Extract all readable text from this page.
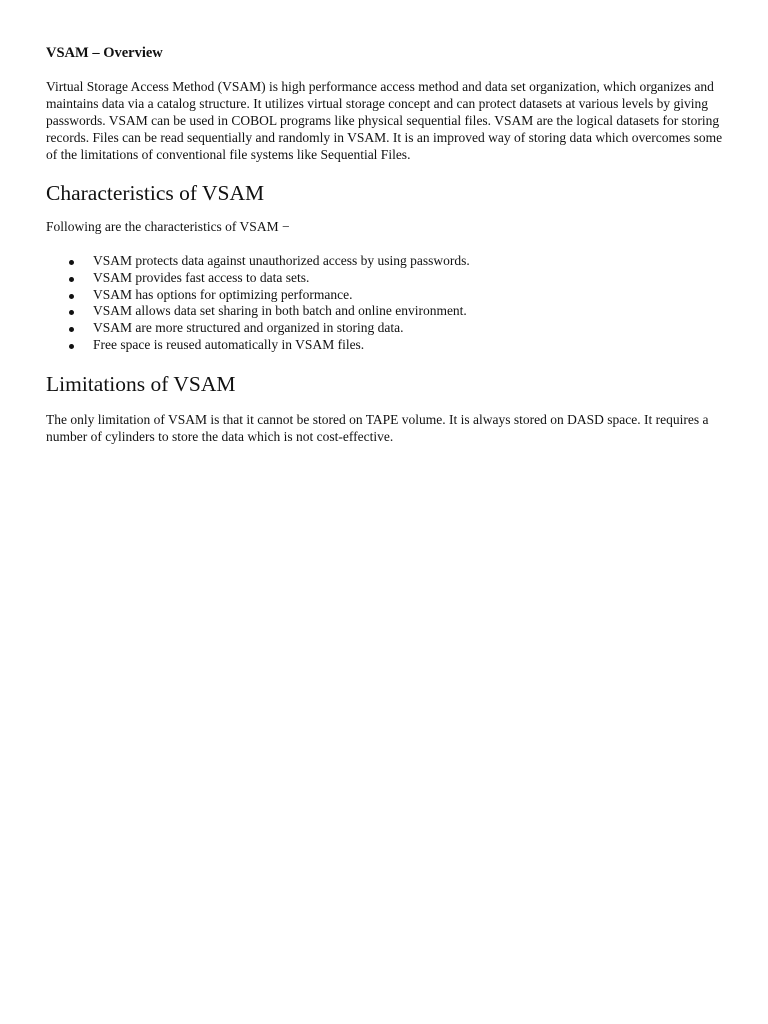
VSAM – Overview

Virtual Storage Access Method (VSAM) is high performance access method and data set organization, which organizes and maintains data via a catalog structure. It utilizes virtual storage concept and can protect datasets at various levels by giving passwords. VSAM can be used in COBOL programs like physical sequential files. VSAM are the logical datasets for storing records. Files can be read sequentially and randomly in VSAM. It is an improved way of storing data which overcomes some of the limitations of conventional file systems like Sequential Files.

Characteristics of VSAM

Following are the characteristics of VSAM −

VSAM protects data against unauthorized access by using passwords.
VSAM provides fast access to data sets.
VSAM has options for optimizing performance.
VSAM allows data set sharing in both batch and online environment.
VSAM are more structured and organized in storing data.
Free space is reused automatically in VSAM files.
Limitations of VSAM

The only limitation of VSAM is that it cannot be stored on TAPE volume. It is always stored on DASD space. It requires a number of cylinders to store the data which is not cost-effective.
